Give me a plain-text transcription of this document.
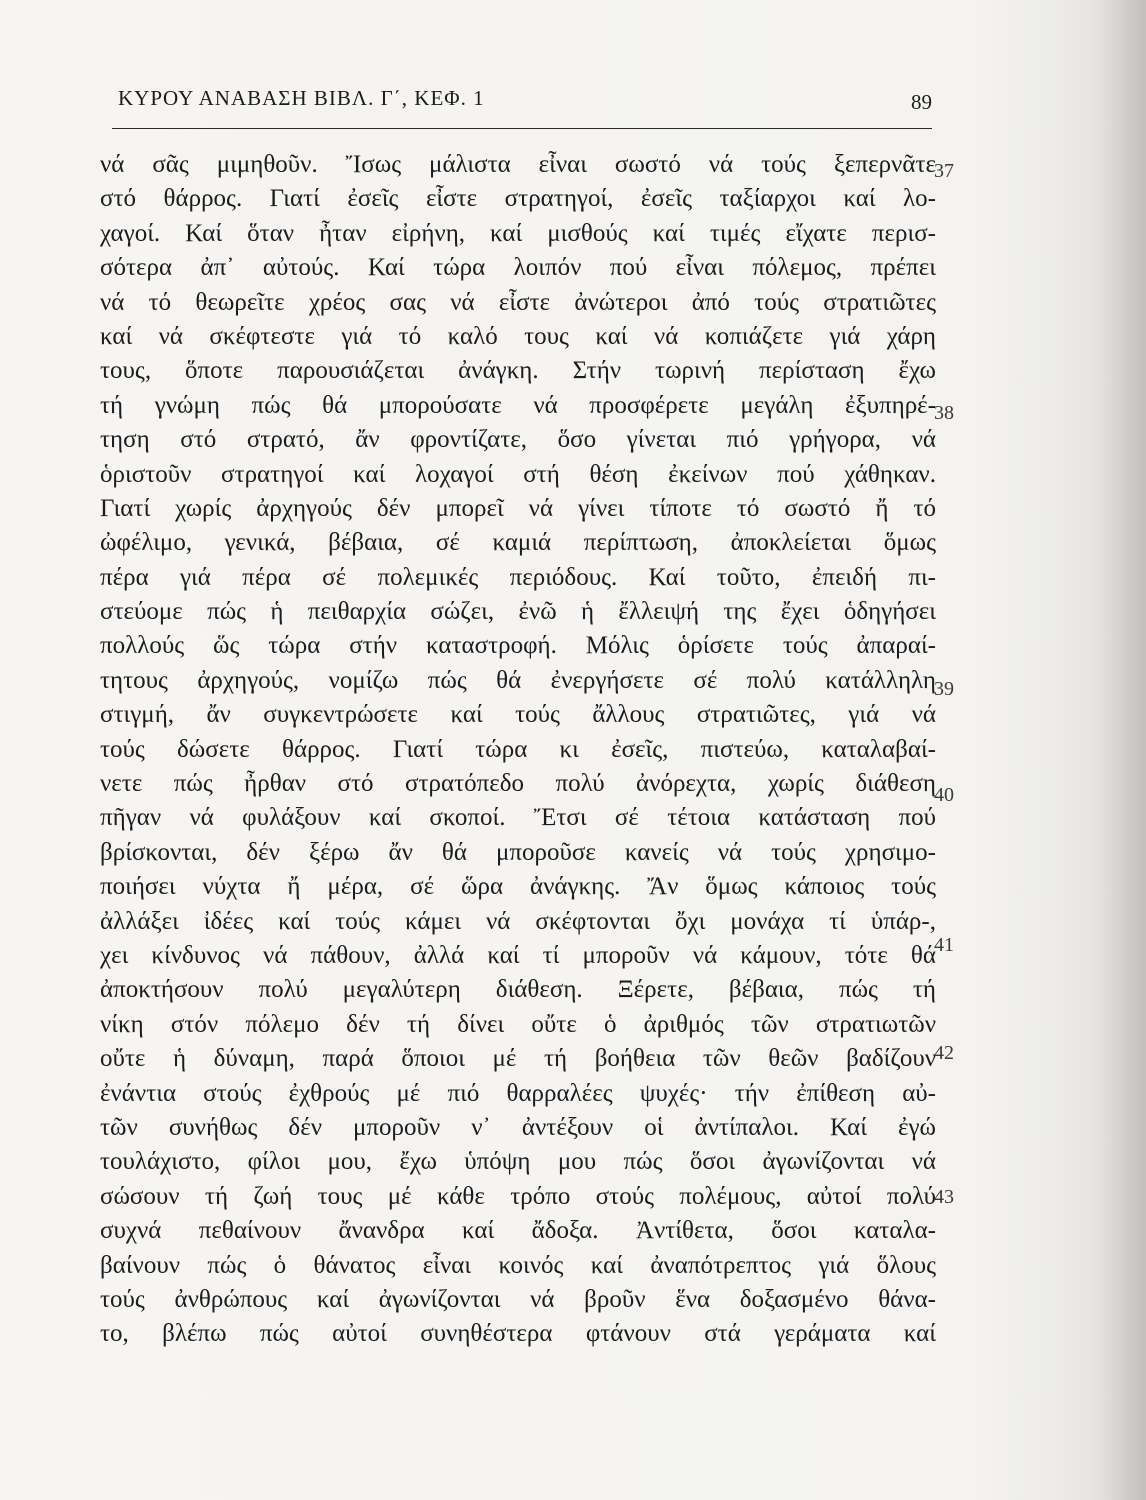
ΚΥΡΟΥ ΑΝΑΒΑΣΗ ΒΙΒΛ. Γ΄, ΚΕΦ. 1	89
νά σᾶς μιμηθοῦν. Ἴσως μάλιστα εἶναι σωστό νά τούς ξεπερνᾶτε
στό θάρρος. Γιατί ἐσεῖς εἶστε στρατηγοί, ἐσεῖς ταξίαρχοι καί λο-
χαγοί. Καί ὅταν ἦταν εἰρήνη, καί μισθούς καί τιμές εἴχατε περισ-
σότερα ἀπ᾽ αὐτούς. Καί τώρα λοιπόν πού εἶναι πόλεμος, πρέπει
νά τό θεωρεῖτε χρέος σας νά εἶστε ἀνώτεροι ἀπό τούς στρατιῶτες
καί νά σκέφτεστε γιά τό καλό τους καί νά κοπιάζετε γιά χάρη
τους, ὅποτε παρουσιάζεται ἀνάγκη. Στήν τωρινή περίσταση ἔχω
τή γνώμη πώς θά μπορούσατε νά προσφέρετε μεγάλη ἐξυπηρέ-
τηση στό στρατό, ἄν φροντίζατε, ὅσο γίνεται πιό γρήγορα, νά
ὁριστοῦν στρατηγοί καί λοχαγοί στή θέση ἐκείνων πού χάθηκαν.
Γιατί χωρίς ἀρχηγούς δέν μπορεῖ νά γίνει τίποτε τό σωστό ἤ τό
ὠφέλιμο, γενικά, βέβαια, σέ καμιά περίπτωση, ἀποκλείεται ὅμως
πέρα γιά πέρα σέ πολεμικές περιόδους. Καί τοῦτο, ἐπειδή πι-
στεύομε πώς ἡ πειθαρχία σώζει, ἐνῶ ἡ ἔλλειψή της ἔχει ὁδηγήσει
πολλούς ὥς τώρα στήν καταστροφή. Μόλις ὁρίσετε τούς ἀπαραί-
τητους ἀρχηγούς, νομίζω πώς θά ἐνεργήσετε σέ πολύ κατάλληλη
στιγμή, ἄν συγκεντρώσετε καί τούς ἄλλους στρατιῶτες, γιά νά
τούς δώσετε θάρρος. Γιατί τώρα κι ἐσεῖς, πιστεύω, καταλαβαί-
νετε πώς ἦρθαν στό στρατόπεδο πολύ ἀνόρεχτα, χωρίς διάθεση
πῆγαν νά φυλάξουν καί σκοποί. Ἔτσι σέ τέτοια κατάσταση πού
βρίσκονται, δέν ξέρω ἄν θά μποροῦσε κανείς νά τούς χρησιμο-
ποιήσει νύχτα ἤ μέρα, σέ ὥρα ἀνάγκης. Ἄν ὅμως κάποιος τούς
ἀλλάξει ἰδέες καί τούς κάμει νά σκέφτονται ὄχι μονάχα τί ὑπάρ-,
χει κίνδυνος νά πάθουν, ἀλλά καί τί μποροῦν νά κάμουν, τότε θά
ἀποκτήσουν πολύ μεγαλύτερη διάθεση. Ξέρετε, βέβαια, πώς τή
νίκη στόν πόλεμο δέν τή δίνει οὔτε ὁ ἀριθμός τῶν στρατιωτῶν
οὔτε ἡ δύναμη, παρά ὅποιοι μέ τή βοήθεια τῶν θεῶν βαδίζουν
ἐνάντια στούς ἐχθρούς μέ πιό θαρραλέες ψυχές· τήν ἐπίθεση αὐ-
τῶν συνήθως δέν μποροῦν ν᾽ ἀντέξουν οἱ ἀντίπαλοι. Καί ἐγώ
τουλάχιστο, φίλοι μου, ἔχω ὑπόψη μου πώς ὅσοι ἀγωνίζονται νά
σώσουν τή ζωή τους μέ κάθε τρόπο στούς πολέμους, αὐτοί πολύ
συχνά πεθαίνουν ἄνανδρα καί ἄδοξα. Ἀντίθετα, ὅσοι καταλα-
βαίνουν πώς ὁ θάνατος εἶναι κοινός καί ἀναπότρεπτος γιά ὅλους
τούς ἀνθρώπους καί ἀγωνίζονται νά βροῦν ἕνα δοξασμένο θάνα-
το, βλέπω πώς αὐτοί συνηθέστερα φτάνουν στά γεράματα καί
37
38
39
40
41
42
43
